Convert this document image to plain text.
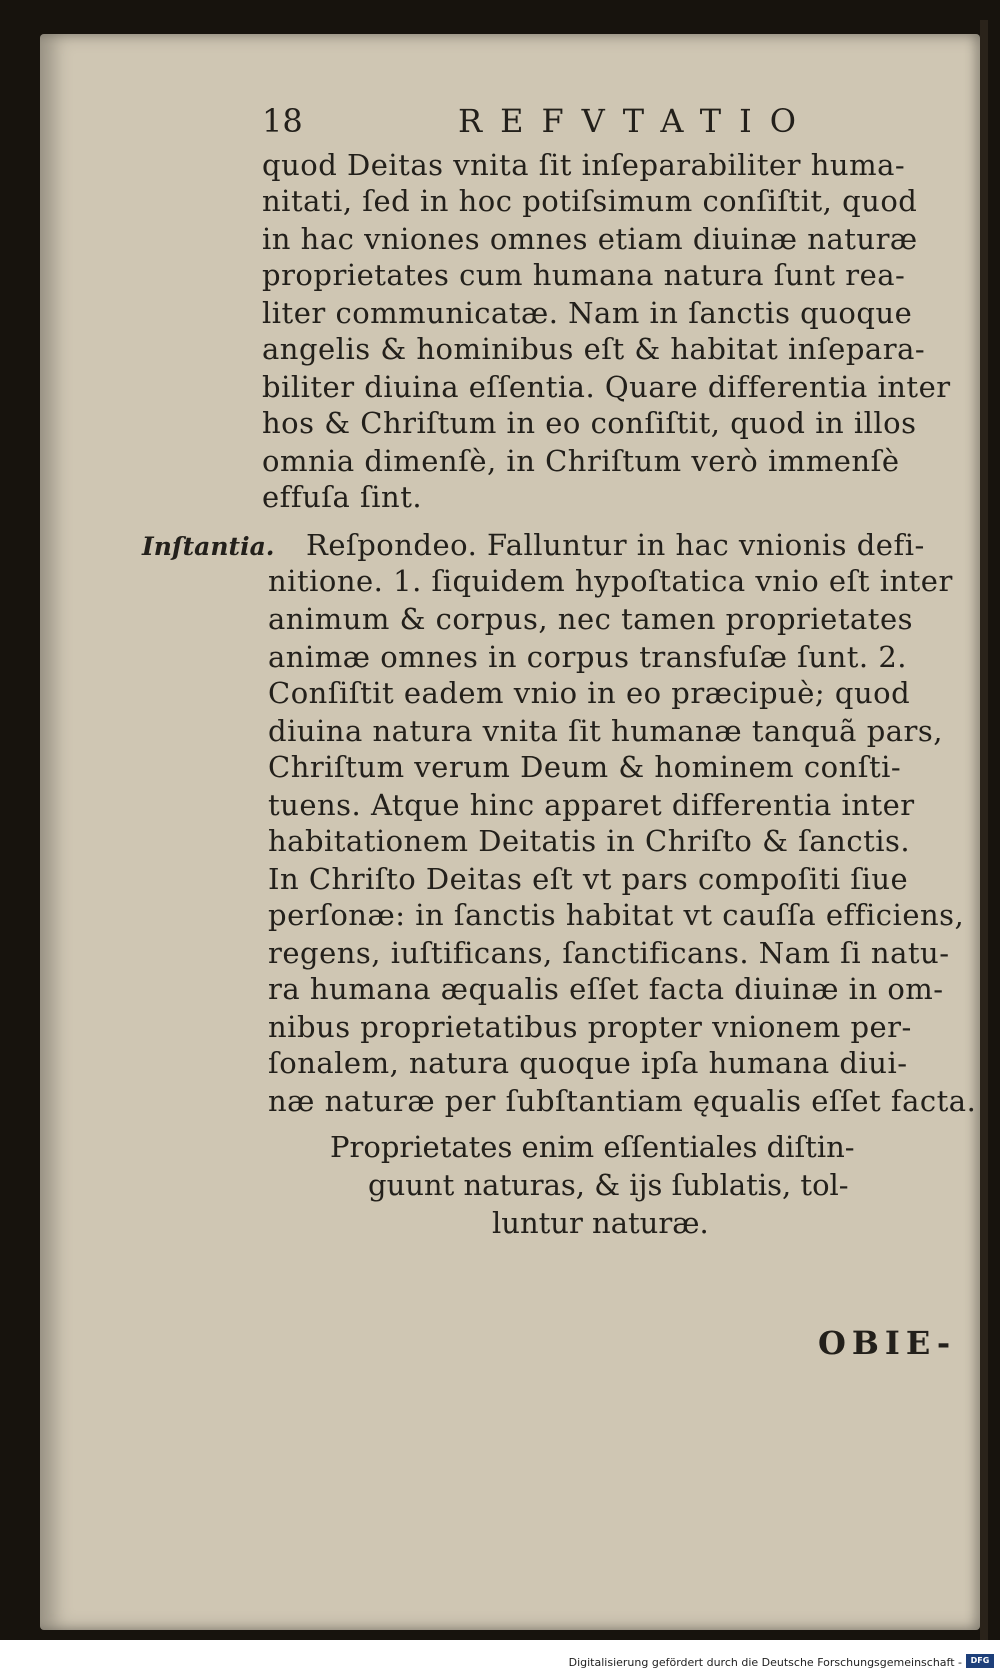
18	REFVTATIO
Inſtantia.
quod Deitas vnita ſit inſeparabiliter huma-
nitati, ſed in hoc potiſsimum conſiſtit, quod
in hac vniones omnes etiam diuinæ naturæ
proprietates cum humana natura ſunt rea-
liter communicatæ. Nam in ſanctis quoque
angelis & hominibus eſt & habitat inſepara-
biliter diuina eſſentia. Quare differentia inter
hos & Chriſtum in eo conſiſtit, quod in illos
omnia dimenſè, in Chriſtum verò immenſè
effuſa ſint.
Reſpondeo. Falluntur in hac vnionis defi-
nitione. 1. ſiquidem hypoſtatica vnio eſt inter
animum & corpus, nec tamen proprietates
animæ omnes in corpus transfuſæ ſunt. 2.
Conſiſtit eadem vnio in eo præcipuè; quod
diuina natura vnita ſit humanæ tanquã pars,
Chriſtum verum Deum & hominem conſti-
tuens. Atque hinc apparet differentia inter
habitationem Deitatis in Chriſto & ſanctis.
In Chriſto Deitas eſt vt pars compoſiti ſiue
perſonæ: in ſanctis habitat vt cauſſa efficiens,
regens, iuſtificans, ſanctificans. Nam ſi natu-
ra humana æqualis eſſet facta diuinæ in om-
nibus proprietatibus propter vnionem per-
ſonalem, natura quoque ipſa humana diui-
næ naturæ per ſubſtantiam ęqualis eſſet facta.
Proprietates enim eſſentiales diſtin-
guunt naturas, & ijs ſublatis, tol-
luntur naturæ.
OBIE-
Digitalisierung gefördert durch die Deutsche Forschungsgemeinschaft -	DFG
